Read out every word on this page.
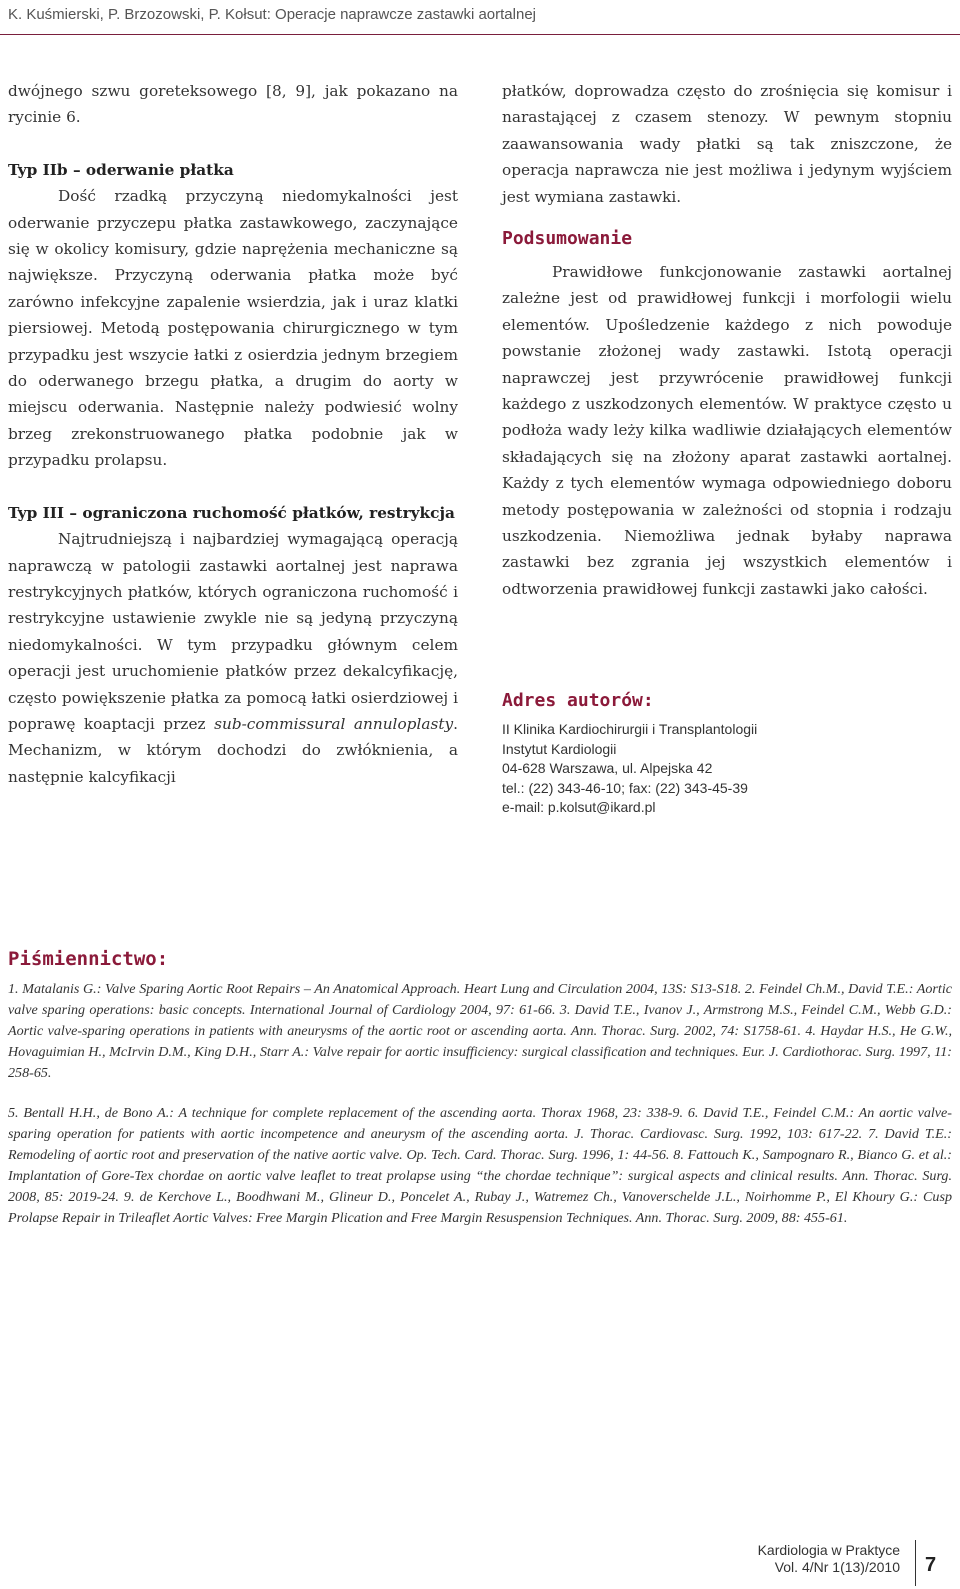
K. Kuśmierski, P. Brzozowski, P. Kołsut: Operacje naprawcze zastawki aortalnej

dwójnego szwu goreteksowego [8, 9], jak pokazano na rycinie 6.

Typ IIb – oderwanie płatka

Dość rzadką przyczyną niedomykalności jest oderwanie przyczepu płatka zastawkowego, zaczynające się w okolicy komisury, gdzie naprężenia mechaniczne są największe. Przyczyną oderwania płatka może być zarówno infekcyjne zapalenie wsierdzia, jak i uraz klatki piersiowej. Metodą postępowania chirurgicznego w tym przypadku jest wszycie łatki z osierdzia jednym brzegiem do oderwanego brzegu płatka, a drugim do aorty w miejscu oderwania. Następnie należy podwiesić wolny brzeg zrekonstruowanego płatka podobnie jak w przypadku prolapsu.

Typ III – ograniczona ruchomość płatków, restrykcja

Najtrudniejszą i najbardziej wymagającą operacją naprawczą w patologii zastawki aortalnej jest naprawa restrykcyjnych płatków, których ograniczona ruchomość i restrykcyjne ustawienie zwykle nie są jedyną przyczyną niedomykalności. W tym przypadku głównym celem operacji jest uruchomienie płatków przez dekalcyfikację, często powiększenie płatka za pomocą łatki osierdziowej i poprawę koaptacji przez sub-commissural annuloplasty. Mechanizm, w którym dochodzi do zwłóknienia, a następnie kalcyfikacji

płatków, doprowadza często do zrośnięcia się komisur i narastającej z czasem stenozy. W pewnym stopniu zaawansowania wady płatki są tak zniszczone, że operacja naprawcza nie jest możliwa i jedynym wyjściem jest wymiana zastawki.

Podsumowanie

Prawidłowe funkcjonowanie zastawki aortalnej zależne jest od prawidłowej funkcji i morfologii wielu elementów. Upośledzenie każdego z nich powoduje powstanie złożonej wady zastawki. Istotą operacji naprawczej jest przywrócenie prawidłowej funkcji każdego z uszkodzonych elementów. W praktyce często u podłoża wady leży kilka wadliwie działających elementów składających się na złożony aparat zastawki aortalnej. Każdy z tych elementów wymaga odpowiedniego doboru metody postępowania w zależności od stopnia i rodzaju uszkodzenia. Niemożliwa jednak byłaby naprawa zastawki bez zgrania jej wszystkich elementów i odtworzenia prawidłowej funkcji zastawki jako całości.

Adres autorów:

II Klinika Kardiochirurgii i Transplantologii
Instytut Kardiologii
04-628 Warszawa, ul. Alpejska 42
tel.: (22) 343-46-10; fax: (22) 343-45-39
e-mail: p.kolsut@ikard.pl

Piśmiennictwo:

1. Matalanis G.: Valve Sparing Aortic Root Repairs – An Anatomical Approach. Heart Lung and Circulation 2004, 13S: S13-S18. 2. Feindel Ch.M., David T.E.: Aortic valve sparing operations: basic concepts. International Journal of Cardiology 2004, 97: 61-66. 3. David T.E., Ivanov J., Armstrong M.S., Feindel C.M., Webb G.D.: Aortic valve-sparing operations in patients with aneurysms of the aortic root or ascending aorta. Ann. Thorac. Surg. 2002, 74: S1758-61. 4. Haydar H.S., He G.W., Hovaguimian H., McIrvin D.M., King D.H., Starr A.: Valve repair for aortic insufficiency: surgical classification and techniques. Eur. J. Cardiothorac. Surg. 1997, 11: 258-65.

5. Bentall H.H., de Bono A.: A technique for complete replacement of the ascending aorta. Thorax 1968, 23: 338-9. 6. David T.E., Feindel C.M.: An aortic valve-sparing operation for patients with aortic incompetence and aneurysm of the ascending aorta. J. Thorac. Cardiovasc. Surg. 1992, 103: 617-22. 7. David T.E.: Remodeling of aortic root and preservation of the native aortic valve. Op. Tech. Card. Thorac. Surg. 1996, 1: 44-56. 8. Fattouch K., Sampognaro R., Bianco G. et al.: Implantation of Gore-Tex chordae on aortic valve leaflet to treat prolapse using “the chordae technique”: surgical aspects and clinical results. Ann. Thorac. Surg. 2008, 85: 2019-24. 9. de Kerchove L., Boodhwani M., Glineur D., Poncelet A., Rubay J., Watremez Ch., Vanoverschelde J.L., Noirhomme P., El Khoury G.: Cusp Prolapse Repair in Trileaflet Aortic Valves: Free Margin Plication and Free Margin Resuspension Techniques. Ann. Thorac. Surg. 2009, 88: 455-61.

Kardiologia w Praktyce
Vol. 4/Nr 1(13)/2010 7
